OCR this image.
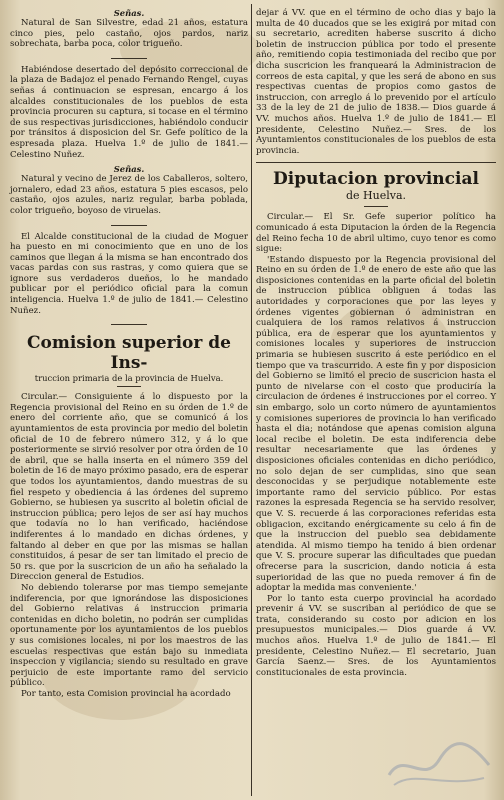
Señas.

Natural de San Silvestre, edad 21 años, estatura cinco pies, pelo castaño, ojos pardos, nariz sobrechata, barba poca, color trigueño.

Habiéndose desertado del depósito correccional de la plaza de Badajoz el penado Fernando Rengel, cuyas señas á continuacion se espresan, encargo á los alcaldes constitucionales de los pueblos de esta provincia procuren su captura, si tocase en el término de sus respectivas jurisdicciones, habiéndolo conducir por tránsitos á disposicion del Sr. Gefe político de la espresada plaza. Huelva 1.º de julio de 1841.— Celestino Nuñez.

Señas.

Natural y vecino de Jerez de los Caballeros, soltero, jornalero, edad 23 años, estatura 5 pies escasos, pelo castaño, ojos azules, nariz regular, barba poblada, color trigueño, boyoso de viruelas.

El Alcalde constitucional de la ciudad de Moguer ha puesto en mi conocimiento que en uno de los caminos que llegan á la misma se han encontrado dos vacas pardas con sus rastras, y como quiera que se ignore sus verdaderos dueños, lo he mandado publicar por el periódico oficial para la comun inteligencia. Huelva 1.º de julio de 1841.— Celestino Nuñez.

Comision superior de Ins-

truccion primaria de la provincia de Huelva.

Circular.— Consiguiente á lo dispuesto por la Regencia provisional del Reino en su órden de 1.º de enero del corriente año, que se comunicó á los ayuntamientos de esta provincia por medio del boletin oficial de 10 de febrero número 312, y á lo que posteriormente se sirvió resolver por otra órden de 10 de abril, que se halla inserta en el número 359 del boletin de 16 de mayo próximo pasado, era de esperar que todos los ayuntamientos, dando muestras de su fiel respeto y obediencia á las órdenes del supremo Gobierno, se hubiesen ya suscrito al boletin oficial de instruccion pública; pero lejos de ser así hay muchos que todavía no lo han verificado, haciéndose indiferentes á lo mandado en dichas órdenes, y faltando al deber en que por las mismas se hallan constituidos, á pesar de ser tan limitado el precio de 50 rs. que por la suscricion de un año ha señalado la Direccion general de Estudios.

No debiendo tolerarse por mas tiempo semejante indiferencia, por que ignorándose las disposiciones del Gobierno relativas á instruccion primaria contenidas en dicho boletin, no podrán ser cumplidas oportunamente por los ayuntamientos de los pueblos y sus comisiones locales, ni por los maestros de las escuelas respectivas que están bajo su inmediata inspeccion y vigilancia; siendo su resultado en grave perjuicio de este importante ramo del servicio público.

Por tanto, esta Comision provincial ha acordado

dejar á VV. que en el término de ocho dias y bajo la multa de 40 ducados que se les exigirá por mitad con su secretario, acrediten haberse suscrito á dicho boletin de instruccion pública por todo el presente año, remitiendo copia testimoniada del recibo que por dicha suscricion les franqueará la Administracion de correos de esta capital, y que les será de abono en sus respectivas cuentas de propios como gastos de instruccion, con arreglo á lo prevenido por el artículo 33 de la ley de 21 de julio de 1838.— Dios guarde á VV. muchos años. Huelva 1.º de julio de 1841.— El presidente, Celestino Nuñez.— Sres. de los Ayuntamientos constitucionales de los pueblos de esta provincia.

Diputacion provincial

de Huelva.

Circular.— El Sr. Gefe superior político ha comunicado á esta Diputacion la órden de la Regencia del Reino fecha 10 de abril ultimo, cuyo tenor es como sigue:

'Estando dispuesto por la Regencia provisional del Reino en su órden de 1.º de enero de este año que las disposiciones contenidas en la parte oficial del boletin de instruccion pública obliguen á todas las autoridades y corporaciones que por las leyes y órdenes vigentes gobiernan ó administran en cualquiera de los ramos relativos á instruccion pública, era de esperar que los ayuntamientos y comisiones locales y superiores de instruccion primaria se hubiesen suscrito á este periódico en el tiempo que va trascurrido. A este fin y por disposicion del Gobierno se limitó el precio de suscricion hasta el punto de nivelarse con el costo que produciría la circulacion de órdenes é instrucciones por el correo. Y sin embargo, solo un corto número de ayuntamientos y comisiones superiores de provincia lo han verificado hasta el dia; notándose que apenas comision alguna local recibe el boletin. De esta indiferencia debe resultar necesariamente que las órdenes y disposiciones oficiales contenidas en dicho periódico, no solo dejan de ser cumplidas, sino que sean desconocidas y se perjudique notablemente este importante ramo del servicio público. Por estas razones la espresada Regencia se ha servido resolver, que V. S. recuerde á las corporaciones referidas esta obligacion, excitando enérgicamente su celo á fin de que la instruccion del pueblo sea debidamente atendida. Al mismo tiempo ha tenido á bien ordenar que V. S. procure superar las dificultades que puedan ofrecerse para la suscricion, dando noticia á esta superioridad de las que no pueda remover á fin de adoptar la medida mas conveniente.'

Por lo tanto esta cuerpo provincial ha acordado prevenir á VV. se suscriban al periódico de que se trata, considerando su costo por adicion en los presupuestos municipales.— Dios guarde á VV. muchos años. Huelva 1.º de julio de 1841.— El presidente, Celestino Nuñez.— El secretario, Juan García Saenz.— Sres. de los Ayuntamientos constitucionales de esta provincia.
